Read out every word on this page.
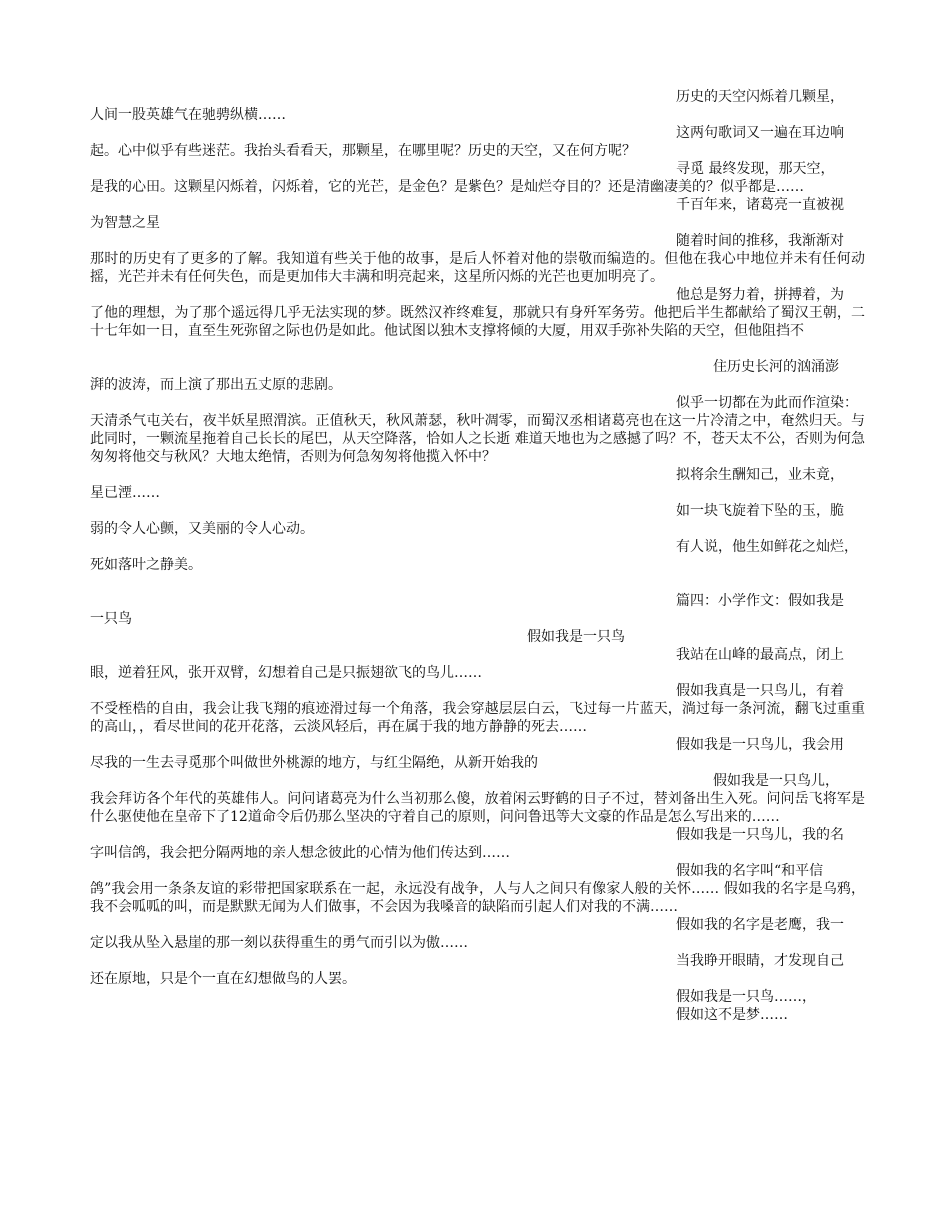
历史的天空闪烁着几颗星，
人间一股英雄气在驰骋纵横……

这两句歌词又一遍在耳边响
起。心中似乎有些迷茫。我抬头看看天，那颗星，在哪里呢？历史的天空，又在何方呢？

寻觅 最终发现，那天空，
是我的心田。这颗星闪烁着，闪烁着，它的光芒，是金色？是紫色？是灿烂夺目的？还是清幽凄美的？似乎都是……

千百年来，诸葛亮一直被视
为智慧之星

随着时间的推移，我渐渐对
那时的历史有了更多的了解。我知道有些关于他的故事，是后人怀着对他的崇敬而编造的。但他在我心中地位并未有任何动摇，光芒并未有任何失色，而是更加伟大丰满和明亮起来，这星所闪烁的光芒也更加明亮了。

他总是努力着，拼搏着，为
了他的理想，为了那个遥远得几乎无法实现的梦。既然汉祚终难复，那就只有身歼军务劳。他把后半生都献给了蜀汉王朝，二十七年如一日，直至生死弥留之际也仍是如此。他试图以独木支撑将倾的大厦，用双手弥补失陷的天空，但他阻挡不

住历史长河的汹涌澎
湃的波涛，而上演了那出五丈原的悲剧。

似乎一切都在为此而作渲染：
天清杀气屯关右，夜半妖星照渭滨。正值秋天，秋风萧瑟，秋叶凋零，而蜀汉丞相诸葛亮也在这一片冷清之中，奄然归天。与此同时，一颗流星拖着自己长长的尾巴，从天空降落，恰如人之长逝 难道天地也为之感撼了吗？不，苍天太不公，否则为何急匆匆将他交与秋风？大地太绝情，否则为何急匆匆将他揽入怀中？

拟将余生酬知己，业未竟，
星已湮……

如一块飞旋着下坠的玉，脆
弱的令人心颤，又美丽的令人心动。

有人说，他生如鲜花之灿烂，
死如落叶之静美。

篇四：小学作文：假如我是
一只鸟

假如我是一只鸟

我站在山峰的最高点，闭上
眼，逆着狂风，张开双臂，幻想着自己是只振翅欲飞的鸟儿……

假如我真是一只鸟儿，有着
不受桎梏的自由，我会让我飞翔的痕迹滑过每一个角落，我会穿越层层白云，飞过每一片蓝天，淌过每一条河流，翻飞过重重的高山，，看尽世间的花开花落，云淡风轻后，再在属于我的地方静静的死去……

假如我是一只鸟儿，我会用
尽我的一生去寻觅那个叫做世外桃源的地方，与红尘隔绝，从新开始我的

假如我是一只鸟儿，
我会拜访各个年代的英雄伟人。问问诸葛亮为什么当初那么傻，放着闲云野鹤的日子不过，替刘备出生入死。问问岳飞将军是什么驱使他在皇帝下了12道命令后仍那么坚决的守着自己的原则，问问鲁迅等大文豪的作品是怎么写出来的……

假如我是一只鸟儿，我的名
字叫信鸽，我会把分隔两地的亲人想念彼此的心情为他们传达到……

假如我的名字叫“和平信
鸽”我会用一条条友谊的彩带把国家联系在一起，永远没有战争，人与人之间只有像家人般的关怀…… 假如我的名字是乌鸦，我不会呱呱的叫，而是默默无闻为人们做事，不会因为我嗓音的缺陷而引起人们对我的不满……

假如我的名字是老鹰，我一
定以我从坠入悬崖的那一刻以获得重生的勇气而引以为傲……

当我睁开眼睛，才发现自己
还在原地，只是个一直在幻想做鸟的人罢。

假如我是一只鸟……，

假如这不是梦……
